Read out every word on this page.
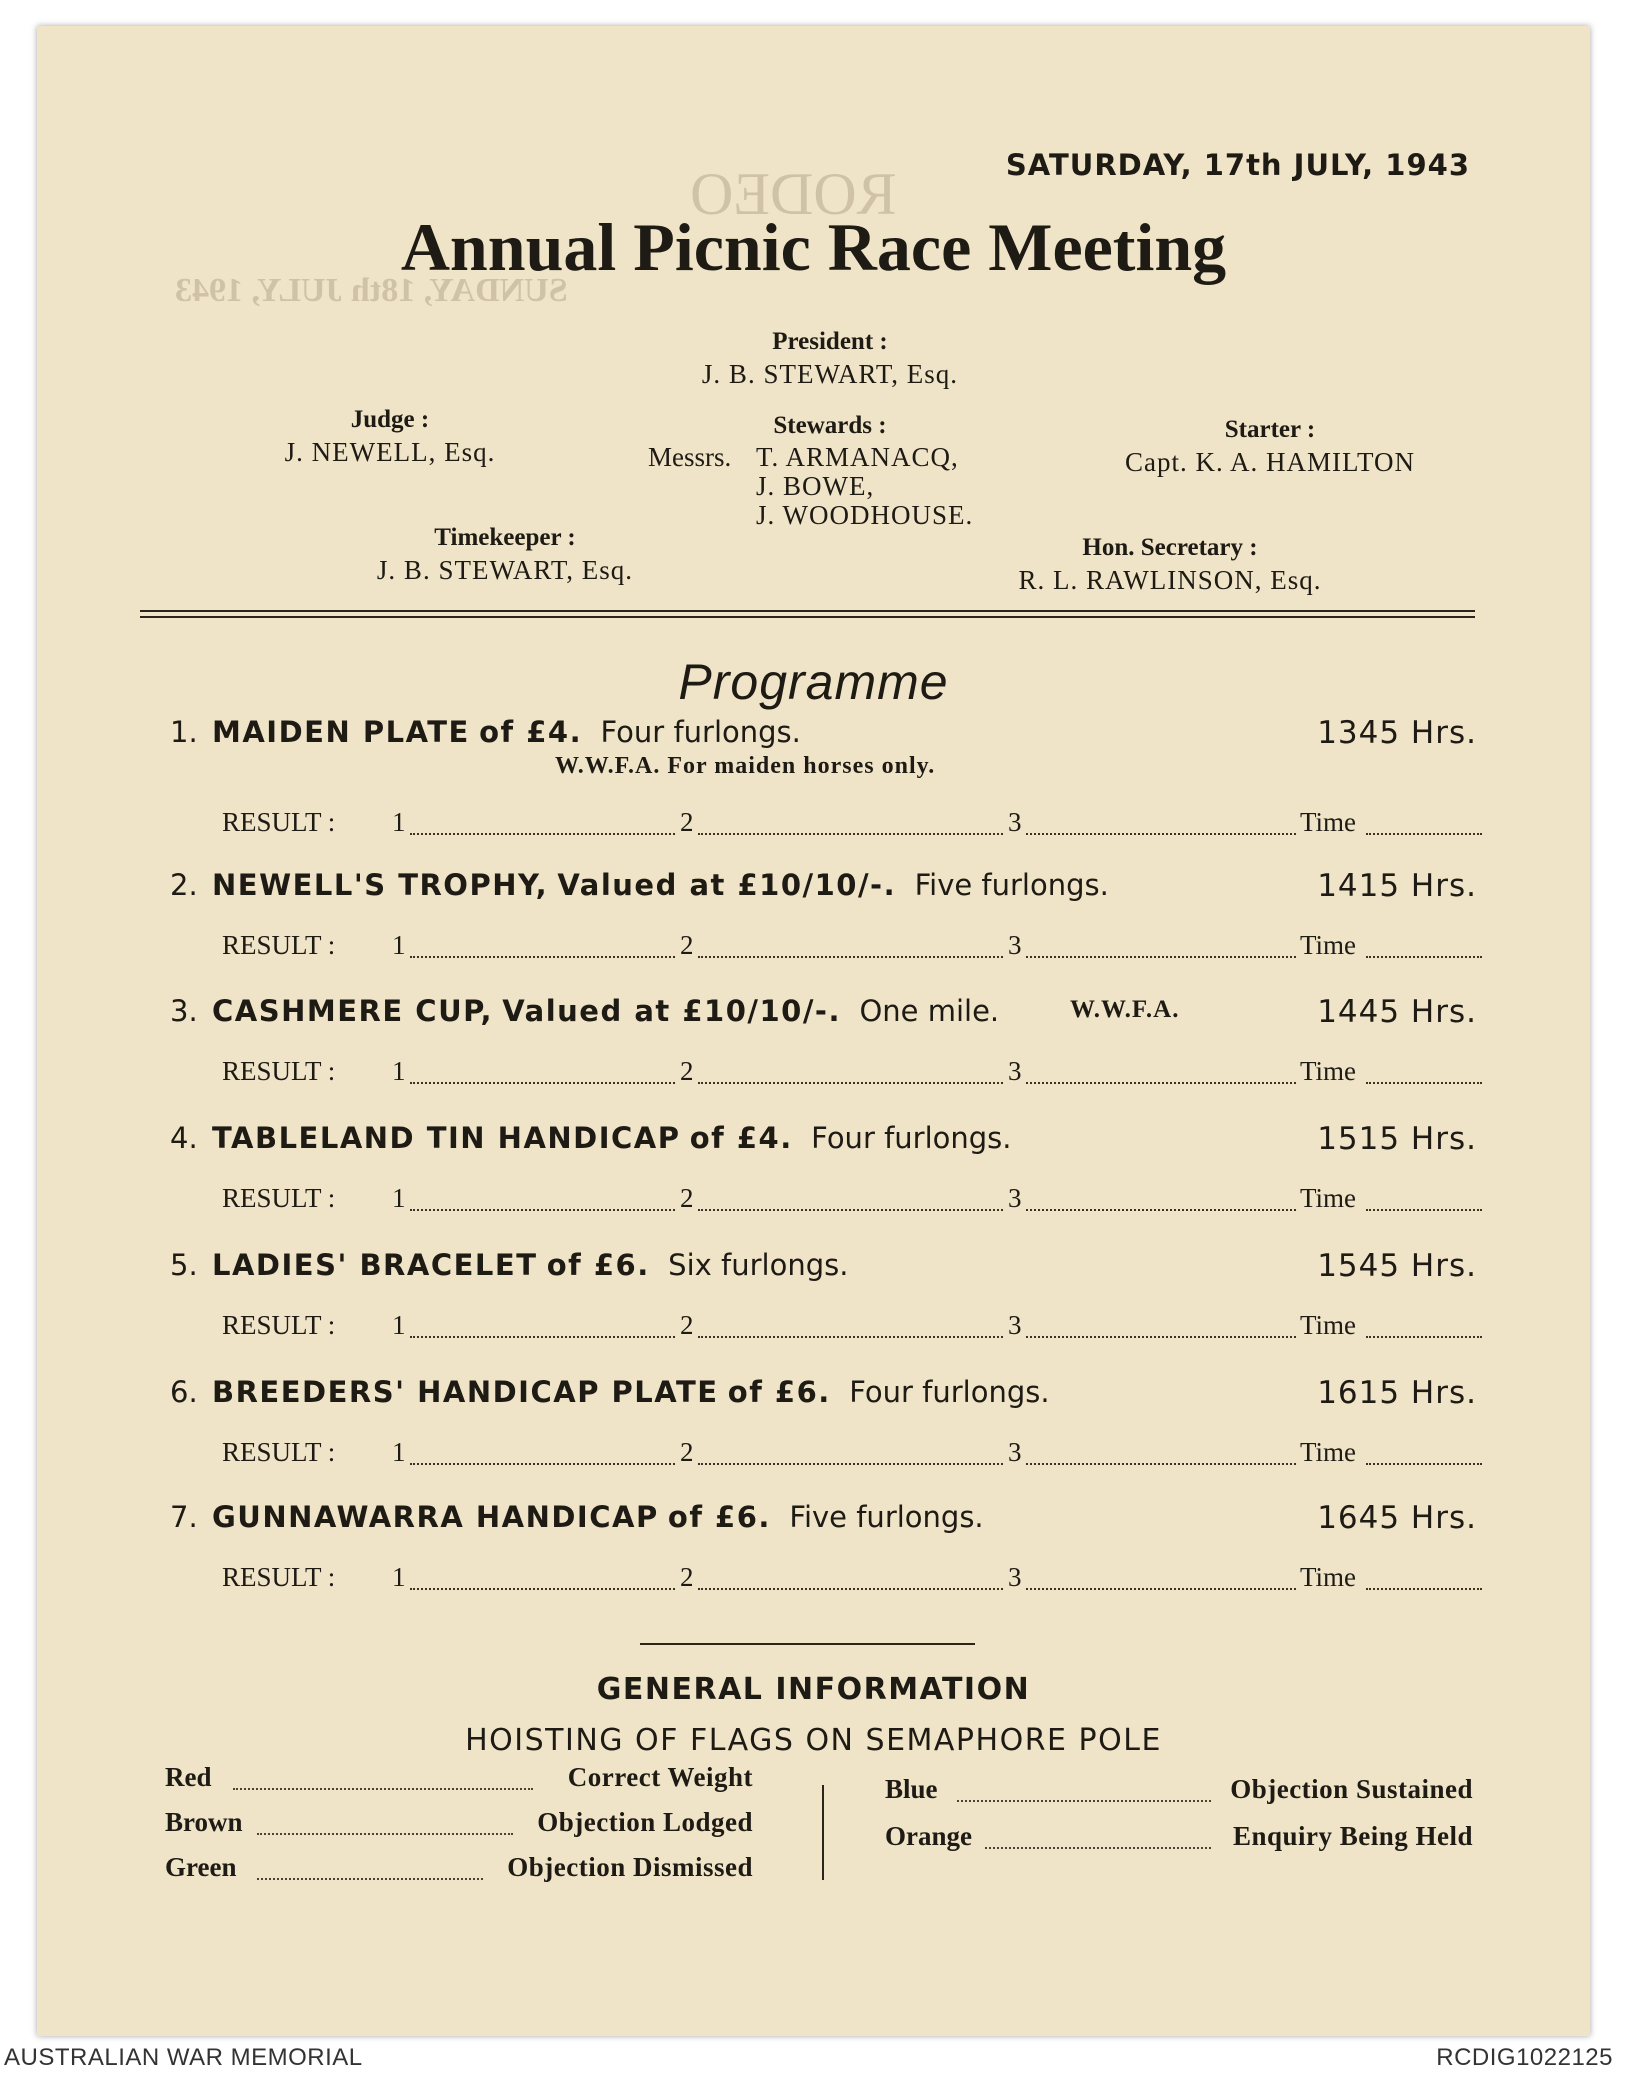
RODEO
SUNDAY, 18th JULY, 1943
SATURDAY, 17th JULY, 1943
Annual Picnic Race Meeting
President :
J. B. STEWART, Esq.
Judge :
J. NEWELL, Esq.
Stewards :
Messrs. T. ARMANACQ,
J. BOWE,
J. WOODHOUSE.
Starter :
Capt. K. A. HAMILTON
Timekeeper :
J. B. STEWART, Esq.
Hon. Secretary :
R. L. RAWLINSON, Esq.
Programme
1. MAIDEN PLATE of £4. Four furlongs.	1345 Hrs.
W.W.F.A. For maiden horses only.
RESULT : 1	2	3	Time
2. NEWELL'S TROPHY, Valued at £10/10/-. Five furlongs.	1415 Hrs.
RESULT : 1	2	3	Time
3. CASHMERE CUP, Valued at £10/10/-. One mile.	W.W.F.A.	1445 Hrs.
RESULT : 1	2	3	Time
4. TABLELAND TIN HANDICAP of £4. Four furlongs.	1515 Hrs.
RESULT : 1	2	3	Time
5. LADIES' BRACELET of £6. Six furlongs.	1545 Hrs.
RESULT : 1	2	3	Time
6. BREEDERS' HANDICAP PLATE of £6. Four furlongs.	1615 Hrs.
RESULT : 1	2	3	Time
7. GUNNAWARRA HANDICAP of £6. Five furlongs.	1645 Hrs.
RESULT : 1	2	3	Time
GENERAL INFORMATION
HOISTING OF FLAGS ON SEMAPHORE POLE
Red	Correct Weight
Brown	Objection Lodged
Green	Objection Dismissed
Blue	Objection Sustained
Orange	Enquiry Being Held
AUSTRALIAN WAR MEMORIAL	RCDIG1022125
